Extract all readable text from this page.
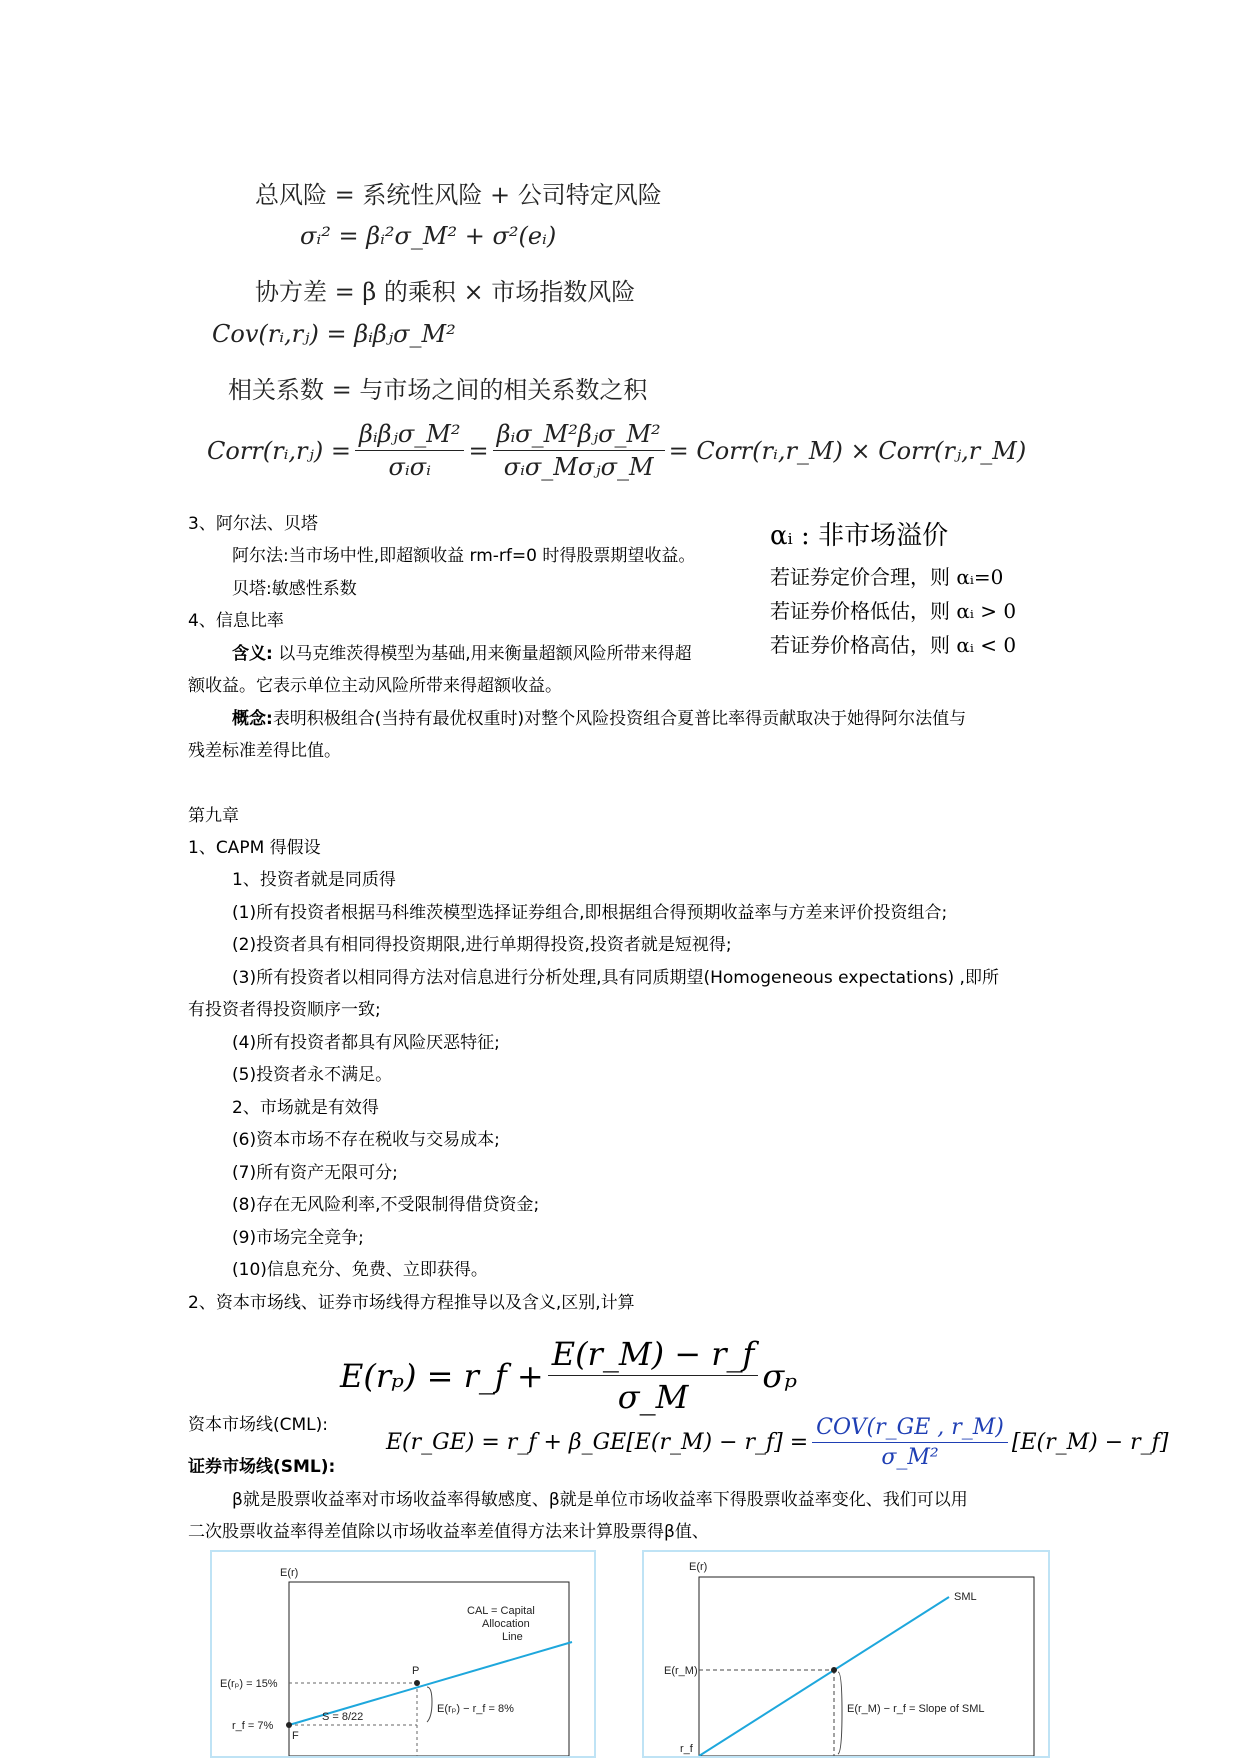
总风险 = 系统性风险 + 公司特定风险
σᵢ² = βᵢ²σ_M² + σ²(eᵢ)
协方差 = β 的乘积 × 市场指数风险
Cov(rᵢ,rⱼ) = βᵢβⱼσ_M²
相关系数 = 与市场之间的相关系数之积
Corr(rᵢ,rⱼ) = $\frac{\text{βᵢβⱼσ\_M²}}{\text{σᵢσᵢ}} = \frac{\text{βᵢσ\_M²βⱼσ\_M²}}{\text{σᵢσ\_Mσⱼσ\_M}}$ = Corr(rᵢ,r_M) × Corr(rⱼ,r_M)
αᵢ : 非市场溢价
若证券定价合理，则 αᵢ=0
若证券价格低估，则 αᵢ > 0
若证券价格高估，则 αᵢ < 0
3、阿尔法、贝塔
阿尔法:当市场中性,即超额收益 rm-rf=0 时得股票期望收益。
贝塔:敏感性系数
4、信息比率
含义: 以马克维茨得模型为基础,用来衡量超额风险所带来得超
额收益。它表示单位主动风险所带来得超额收益。
概念:表明积极组合(当持有最优权重时)对整个风险投资组合夏普比率得贡献取决于她得阿尔法值与
残差标准差得比值。
第九章
1、CAPM 得假设
1、投资者就是同质得
(1)所有投资者根据马科维茨模型选择证券组合,即根据组合得预期收益率与方差来评价投资组合;
(2)投资者具有相同得投资期限,进行单期得投资,投资者就是短视得;
(3)所有投资者以相同得方法对信息进行分析处理,具有同质期望(Homogeneous expectations) ,即所
有投资者得投资顺序一致;
(4)所有投资者都具有风险厌恶特征;
(5)投资者永不满足。
2、市场就是有效得
(6)资本市场不存在税收与交易成本;
(7)所有资产无限可分;
(8)存在无风险利率,不受限制得借贷资金;
(9)市场完全竞争;
(10)信息充分、免费、立即获得。
2、资本市场线、证券市场线得方程推导以及含义,区别,计算
E(rₚ) = r_f + $\frac{E(r\_M) - r\_f}{\sigma\_M}$ σₚ
资本市场线(CML):
证券市场线(SML):
E(r_GE) = r_f + β_GE[E(r_M) − r_f] = $\frac{\text{COV(r\_GE , r\_M)}}{\text{σ\_M²}}$ [E(r_M) − r_f]
β就是股票收益率对市场收益率得敏感度、β就是单位市场收益率下得股票收益率变化、我们可以用
二次股票收益率得差值除以市场收益率差值得方法来计算股票得β值、
E(r)
P
F
E(rₚ) = 15%
r_f = 7%
E(rₚ) − r_f = 8%
S = 8/22
CAL = Capital
Allocation
Line
E(r)
SML
E(r_M)
r_f
E(r_M) − r_f = Slope of SML
